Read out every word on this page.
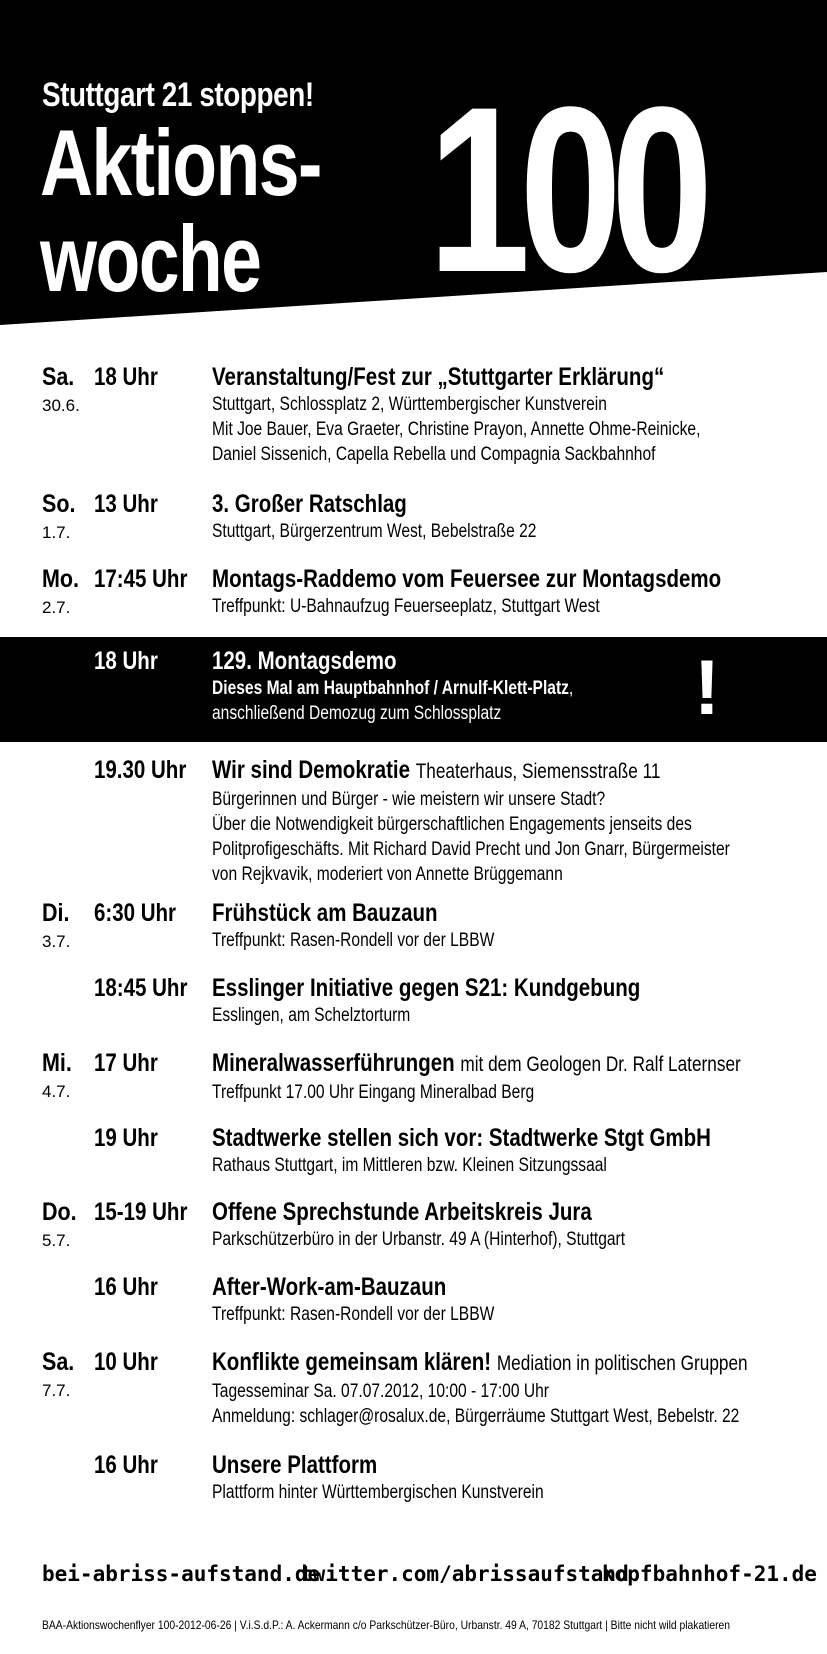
Stuttgart 21 stoppen!
Aktions-
woche 100 30.6. - 8.7.
Sa.
30.6.
18 Uhr Veranstaltung/Fest zur „Stuttgarter Erklärung“
Stuttgart, Schlossplatz 2, Württembergischer Kunstverein
Mit Joe Bauer, Eva Graeter, Christine Prayon, Annette Ohme-Reinicke,
Daniel Sissenich, Capella Rebella und Compagnia Sackbahnhof
So.
1.7.
13 Uhr 3. Großer Ratschlag
Stuttgart, Bürgerzentrum West, Bebelstraße 22
Mo.
2.7.
17:45 Uhr Montags-Raddemo vom Feuersee zur Montagsdemo
Treffpunkt: U-Bahnaufzug Feuerseeplatz, Stuttgart West
18 Uhr 129. Montagsdemo
Dieses Mal am Hauptbahnhof / Arnulf-Klett-Platz,
anschließend Demozug zum Schlossplatz	!
19.30 Uhr Wir sind Demokratie Theaterhaus, Siemensstraße 11
Bürgerinnen und Bürger - wie meistern wir unsere Stadt?
Über die Notwendigkeit bürgerschaftlichen Engagements jenseits des
Politprofigeschäfts. Mit Richard David Precht und Jon Gnarr, Bürgermeister
von Rejkvavik, moderiert von Annette Brüggemann
Di.
3.7.
6:30 Uhr Frühstück am Bauzaun
Treffpunkt: Rasen-Rondell vor der LBBW
18:45 Uhr Esslinger Initiative gegen S21: Kundgebung
Esslingen, am Schelztorturm
Mi.
4.7.
17 Uhr Mineralwasserführungen mit dem Geologen Dr. Ralf Laternser
Treffpunkt 17.00 Uhr Eingang Mineralbad Berg
19 Uhr Stadtwerke stellen sich vor: Stadtwerke Stgt GmbH
Rathaus Stuttgart, im Mittleren bzw. Kleinen Sitzungssaal
Do.
5.7.
15-19 Uhr Offene Sprechstunde Arbeitskreis Jura
Parkschützerbüro in der Urbanstr. 49 A (Hinterhof), Stuttgart
16 Uhr After-Work-am-Bauzaun
Treffpunkt: Rasen-Rondell vor der LBBW
Sa.
7.7.
10 Uhr Konflikte gemeinsam klären! Mediation in politischen Gruppen
Tagesseminar Sa. 07.07.2012, 10:00 - 17:00 Uhr
Anmeldung: schlager@rosalux.de, Bürgerräume Stuttgart West, Bebelstr. 22
16 Uhr Unsere Plattform
Plattform hinter Württembergischen Kunstverein
bei-abriss-aufstand.de
twitter.com/abrissaufstand
kopfbahnhof-21.de
BAA-Aktionswochenflyer 100-2012-06-26 | V.i.S.d.P.: A. Ackermann c/o Parkschützer-Büro, Urbanstr. 49 A, 70182 Stuttgart | Bitte nicht wild plakatieren
